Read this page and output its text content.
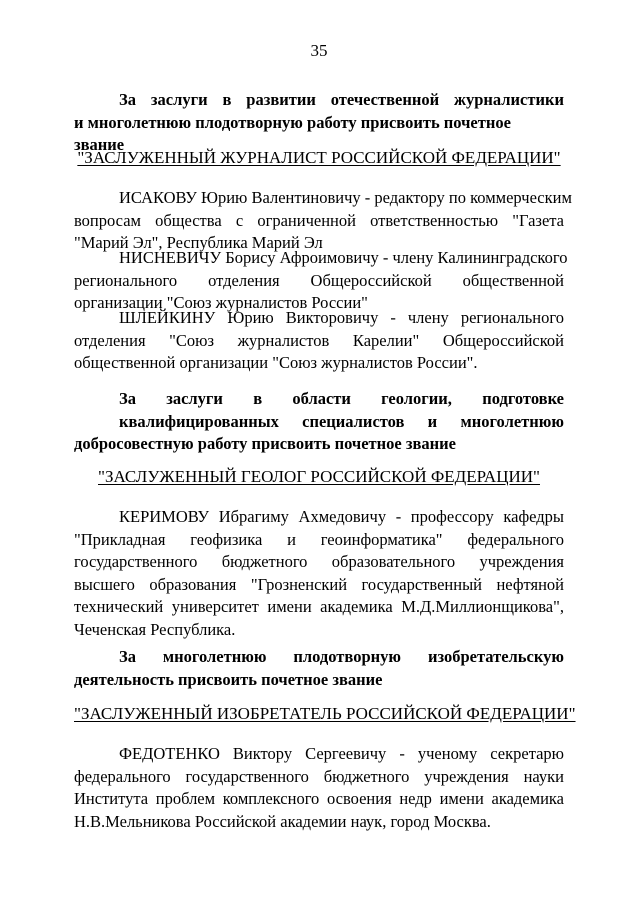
35

За заслуги в развитии отечественной журналистики
и многолетнюю плодотворную работу присвоить почетное звание

"ЗАСЛУЖЕННЫЙ ЖУРНАЛИСТ РОССИЙСКОЙ ФЕДЕРАЦИИ"

ИСАКОВУ Юрию Валентиновичу - редактору по коммерческим
вопросам общества с ограниченной ответственностью "Газета
"Марий Эл", Республика Марий Эл

НИСНЕВИЧУ Борису Афроимовичу - члену Калининградского
регионального отделения Общероссийской общественной
организации "Союз журналистов России"

ШЛЕЙКИНУ Юрию Викторовичу - члену регионального
отделения "Союз журналистов Карелии" Общероссийской
общественной организации "Союз журналистов России".

За заслуги в области геологии, подготовке
квалифицированных специалистов и многолетнюю
добросовестную работу присвоить почетное звание

"ЗАСЛУЖЕННЫЙ ГЕОЛОГ РОССИЙСКОЙ ФЕДЕРАЦИИ"

КЕРИМОВУ Ибрагиму Ахмедовичу - профессору кафедры
"Прикладная геофизика и геоинформатика" федерального
государственного бюджетного образовательного учреждения
высшего образования "Грозненский государственный нефтяной
технический университет имени академика М.Д.Миллионщикова",
Чеченская Республика.

За многолетнюю плодотворную изобретательскую
деятельность присвоить почетное звание

"ЗАСЛУЖЕННЫЙ ИЗОБРЕТАТЕЛЬ РОССИЙСКОЙ ФЕДЕРАЦИИ"

ФЕДОТЕНКО Виктору Сергеевичу - ученому секретарю
федерального государственного бюджетного учреждения науки
Института проблем комплексного освоения недр имени академика
Н.В.Мельникова Российской академии наук, город Москва.
